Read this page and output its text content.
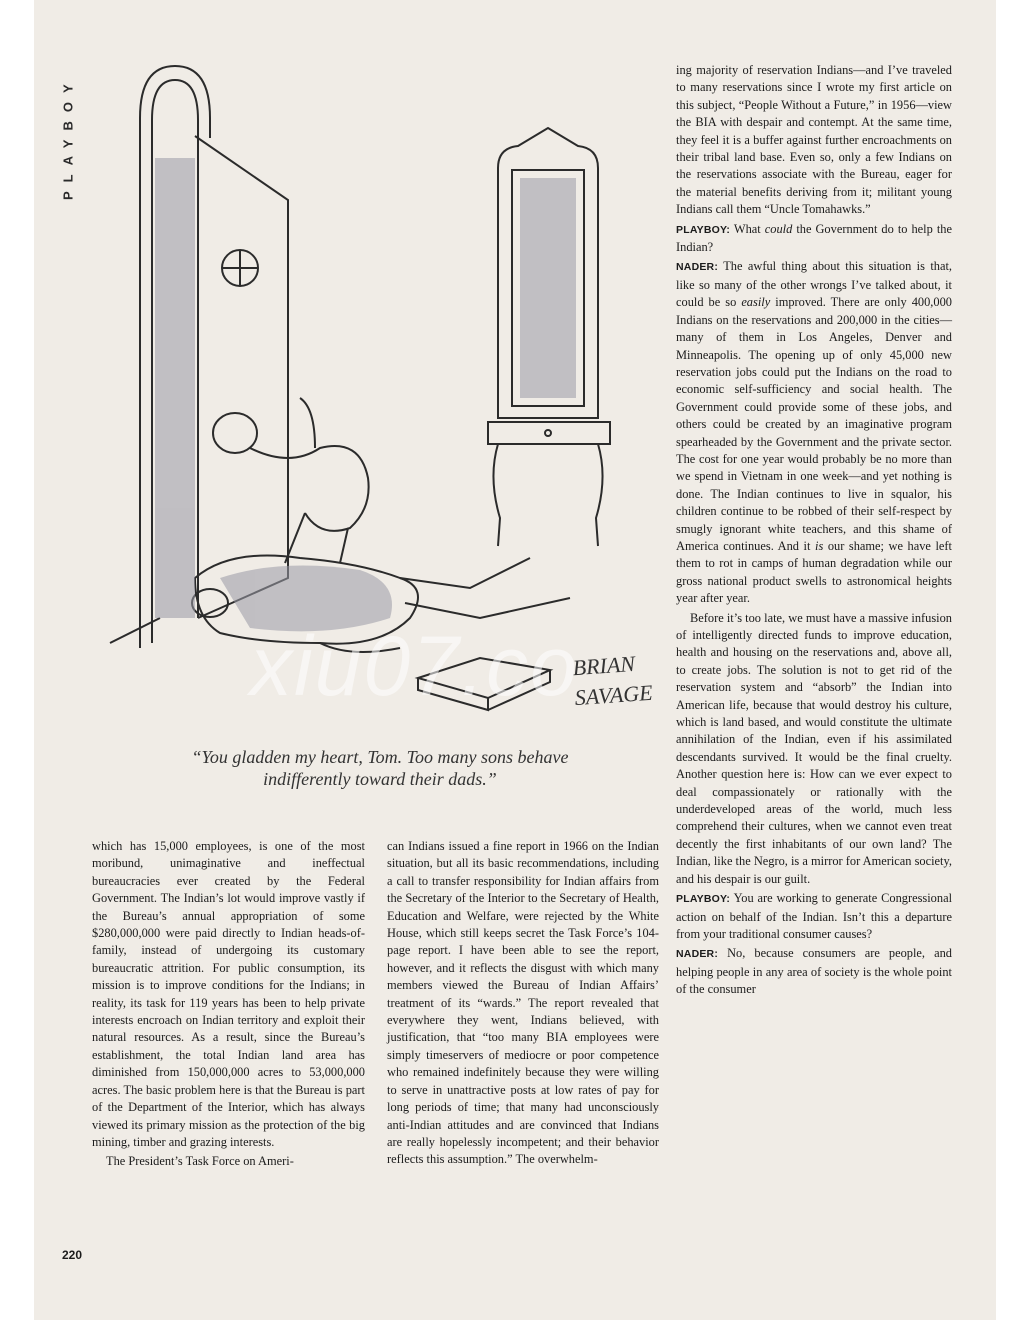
PLAYBOY
BRIAN SAVAGE
xiu07.co
“You gladden my heart, Tom. Too many sons behave indifferently toward their dads.”

which has 15,000 employees, is one of the most moribund, unimaginative and ineffectual bureaucracies ever created by the Federal Government. The Indian’s lot would improve vastly if the Bureau’s annual appropriation of some $280,000,000 were paid directly to Indian heads-of-family, instead of undergoing its customary bureaucratic attrition. For public consumption, its mission is to improve conditions for the Indians; in reality, its task for 119 years has been to help private interests encroach on Indian territory and exploit their natural resources. As a result, since the Bureau’s establishment, the total Indian land area has diminished from 150,000,000 acres to 53,000,000 acres. The basic problem here is that the Bureau is part of the Department of the Interior, which has always viewed its primary mission as the protection of the big mining, timber and grazing interests.

The President’s Task Force on Ameri-

can Indians issued a fine report in 1966 on the Indian situation, but all its basic recommendations, including a call to transfer responsibility for Indian affairs from the Secretary of the Interior to the Secretary of Health, Education and Welfare, were rejected by the White House, which still keeps secret the Task Force’s 104-page report. I have been able to see the report, however, and it reflects the disgust with which many members viewed the Bureau of Indian Affairs’ treatment of its “wards.” The report revealed that everywhere they went, Indians believed, with justification, that “too many BIA employees were simply timeservers of mediocre or poor competence who remained indefinitely because they were willing to serve in unattractive posts at low rates of pay for long periods of time; that many had unconsciously anti-Indian attitudes and are convinced that Indians are really hopelessly incompetent; and their behavior reflects this assumption.” The overwhelm-

ing majority of reservation Indians—and I’ve traveled to many reservations since I wrote my first article on this subject, “People Without a Future,” in 1956—view the BIA with despair and contempt. At the same time, they feel it is a buffer against further encroachments on their tribal land base. Even so, only a few Indians on the reservations associate with the Bureau, eager for the material benefits deriving from it; militant young Indians call them “Uncle Tomahawks.”

PLAYBOY: What could the Government do to help the Indian?

NADER: The awful thing about this situation is that, like so many of the other wrongs I’ve talked about, it could be so easily improved. There are only 400,000 Indians on the reservations and 200,000 in the cities—many of them in Los Angeles, Denver and Minneapolis. The opening up of only 45,000 new reservation jobs could put the Indians on the road to economic self-sufficiency and social health. The Government could provide some of these jobs, and others could be created by an imaginative program spearheaded by the Government and the private sector. The cost for one year would probably be no more than we spend in Vietnam in one week—and yet nothing is done. The Indian continues to live in squalor, his children continue to be robbed of their self-respect by smugly ignorant white teachers, and this shame of America continues. And it is our shame; we have left them to rot in camps of human degradation while our gross national product swells to astronomical heights year after year.

Before it’s too late, we must have a massive infusion of intelligently directed funds to improve education, health and housing on the reservations and, above all, to create jobs. The solution is not to get rid of the reservation system and “absorb” the Indian into American life, because that would destroy his culture, which is land based, and would constitute the ultimate annihilation of the Indian, even if his assimilated descendants survived. It would be the final cruelty. Another question here is: How can we ever expect to deal compassionately or rationally with the underdeveloped areas of the world, much less comprehend their cultures, when we cannot even treat decently the first inhabitants of our own land? The Indian, like the Negro, is a mirror for American society, and his despair is our guilt.

PLAYBOY: You are working to generate Congressional action on behalf of the Indian. Isn’t this a departure from your traditional consumer causes?

NADER: No, because consumers are people, and helping people in any area of society is the whole point of the consumer

220
